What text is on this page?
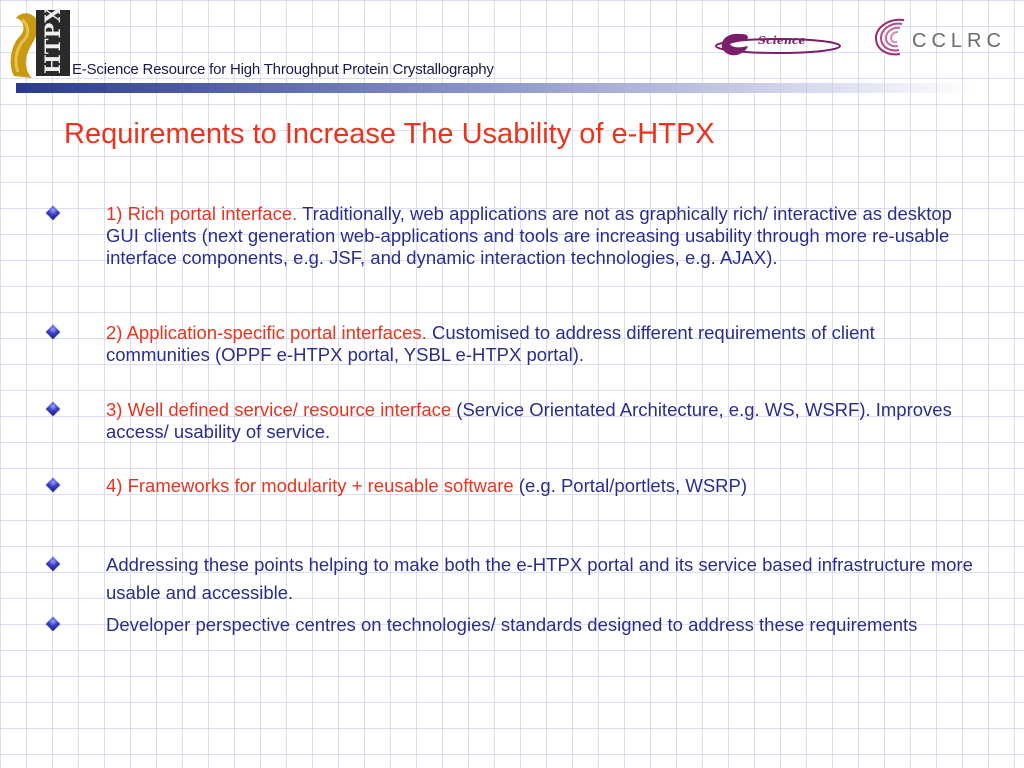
HTPX E-Science Resource for High Throughput Protein Crystallography
Science	CCLRC
Requirements to Increase The Usability of e-HTPX
1) Rich portal interface. Traditionally, web applications are not as graphically rich/ interactive as desktop GUI clients (next generation web-applications and tools are increasing usability through more re-usable interface components, e.g. JSF, and dynamic interaction technologies, e.g. AJAX).
2) Application-specific portal interfaces. Customised to address different requirements of client communities (OPPF e-HTPX portal, YSBL e-HTPX portal).
3) Well defined service/ resource interface (Service Orientated Architecture, e.g. WS, WSRF). Improves access/ usability of service.
4) Frameworks for modularity + reusable software (e.g. Portal/portlets, WSRP)
Addressing these points helping to make both the e-HTPX portal and its service based infrastructure more usable and accessible.
Developer perspective centres on technologies/ standards designed to address these requirements
